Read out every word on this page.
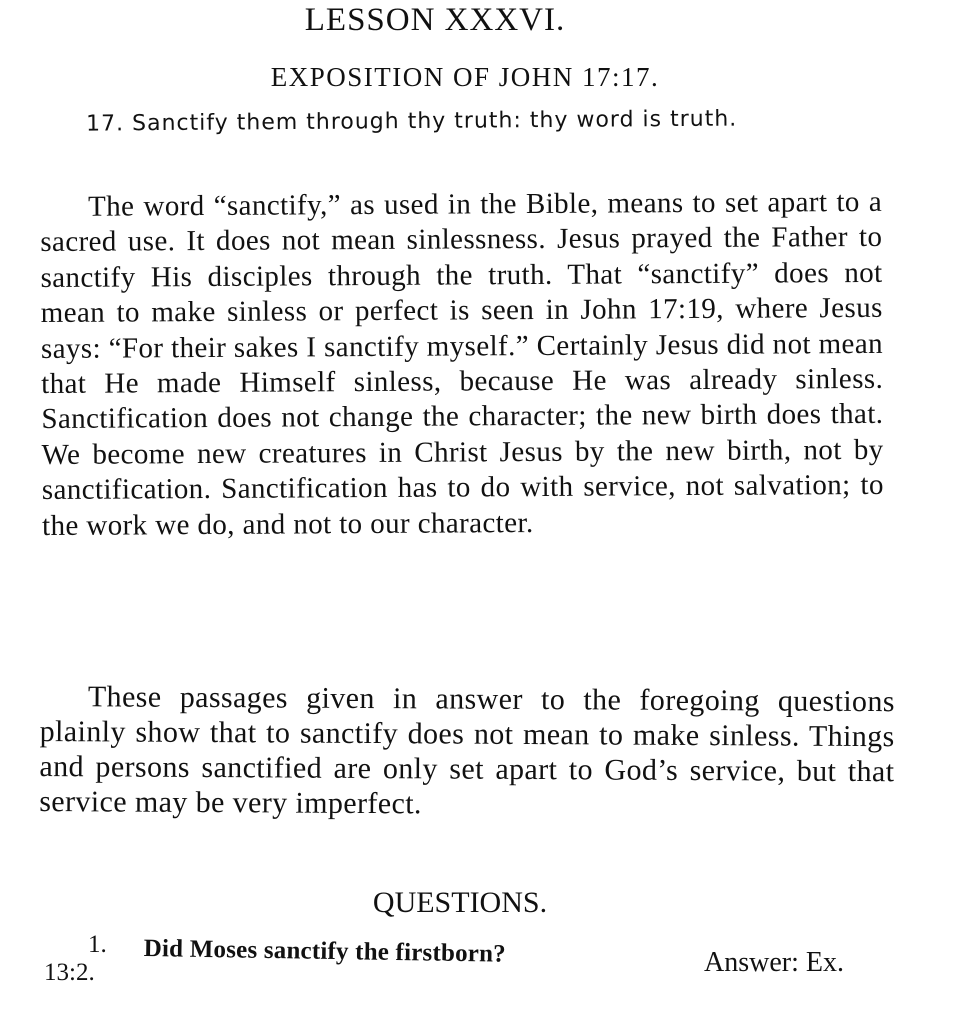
LESSON XXXVI.
EXPOSITION OF JOHN 17:17.

17. Sanctify them through thy truth: thy word is truth.

The word “sanctify,” as used in the Bible, means to set apart to a sacred use. It does not mean sinlessness. Jesus prayed the Father to sanctify His disciples through the truth. That “sanctify” does not mean to make sinless or perfect is seen in John 17:19, where Jesus says: “For their sakes I sanctify myself.” Certainly Jesus did not mean that He made Himself sinless, because He was already sinless. Sanctification does not change the character; the new birth does that. We become new creatures in Christ Jesus by the new birth, not by sanctification. Sanctification has to do with service, not salvation; to the work we do, and not to our character.

These passages given in answer to the foregoing questions plainly show that to sanctify does not mean to make sinless. Things and persons sanctified are only set apart to God’s service, but that service may be very imperfect.

QUESTIONS.
1. Did Moses sanctify the firstborn?	Answer: Ex.
13:2.
